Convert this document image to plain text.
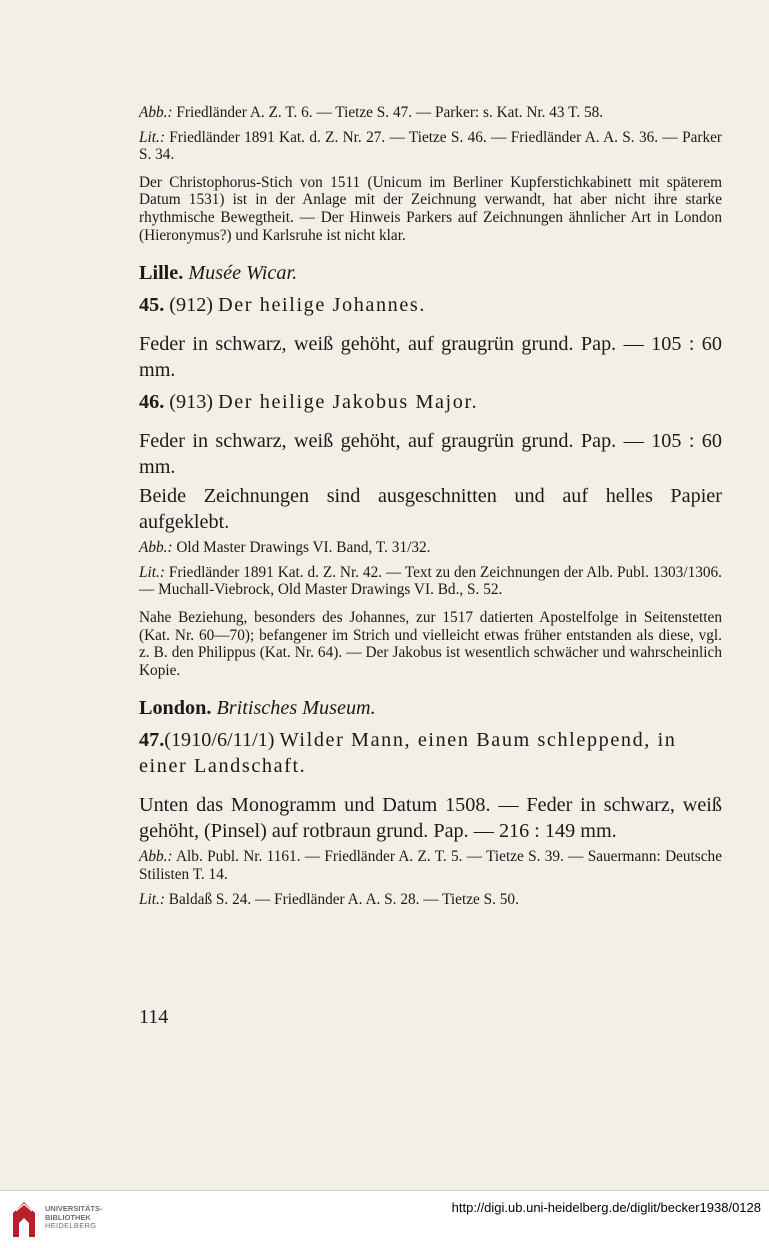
Abb.: Friedländer A. Z. T. 6. — Tietze S. 47. — Parker: s. Kat. Nr. 43 T. 58.

Lit.: Friedländer 1891 Kat. d. Z. Nr. 27. — Tietze S. 46. — Friedländer A. A. S. 36. — Parker S. 34.

Der Christophorus-Stich von 1511 (Unicum im Berliner Kupferstichkabinett mit späterem Datum 1531) ist in der Anlage mit der Zeichnung verwandt, hat aber nicht ihre starke rhythmische Bewegtheit. — Der Hinweis Parkers auf Zeichnungen ähnlicher Art in London (Hieronymus?) und Karlsruhe ist nicht klar.

Lille. Musée Wicar.
45. (912) Der heilige Johannes.

Feder in schwarz, weiß gehöht, auf graugrün grund. Pap. — 105 : 60 mm.

46. (913) Der heilige Jakobus Major.

Feder in schwarz, weiß gehöht, auf graugrün grund. Pap. — 105 : 60 mm.

Beide Zeichnungen sind ausgeschnitten und auf helles Papier aufgeklebt.

Abb.: Old Master Drawings VI. Band, T. 31/32.

Lit.: Friedländer 1891 Kat. d. Z. Nr. 42. — Text zu den Zeichnungen der Alb. Publ. 1303/1306. — Muchall-Viebrock, Old Master Drawings VI. Bd., S. 52.

Nahe Beziehung, besonders des Johannes, zur 1517 datierten Apostelfolge in Seitenstetten (Kat. Nr. 60—70); befangener im Strich und vielleicht etwas früher entstanden als diese, vgl. z. B. den Philippus (Kat. Nr. 64). — Der Jakobus ist wesentlich schwächer und wahrscheinlich Kopie.

London. Britisches Museum.
47.(1910/6/11/1) Wilder Mann, einen Baum schleppend, in einer Landschaft.

Unten das Monogramm und Datum 1508. — Feder in schwarz, weiß gehöht, (Pinsel) auf rotbraun grund. Pap. — 216 : 149 mm.

Abb.: Alb. Publ. Nr. 1161. — Friedländer A. Z. T. 5. — Tietze S. 39. — Sauermann: Deutsche Stilisten T. 14.

Lit.: Baldaß S. 24. — Friedländer A. A. S. 28. — Tietze S. 50.

114
UNIVERSITÄTS-
BIBLIOTHEK
HEIDELBERG
http://digi.ub.uni-heidelberg.de/diglit/becker1938/0128
